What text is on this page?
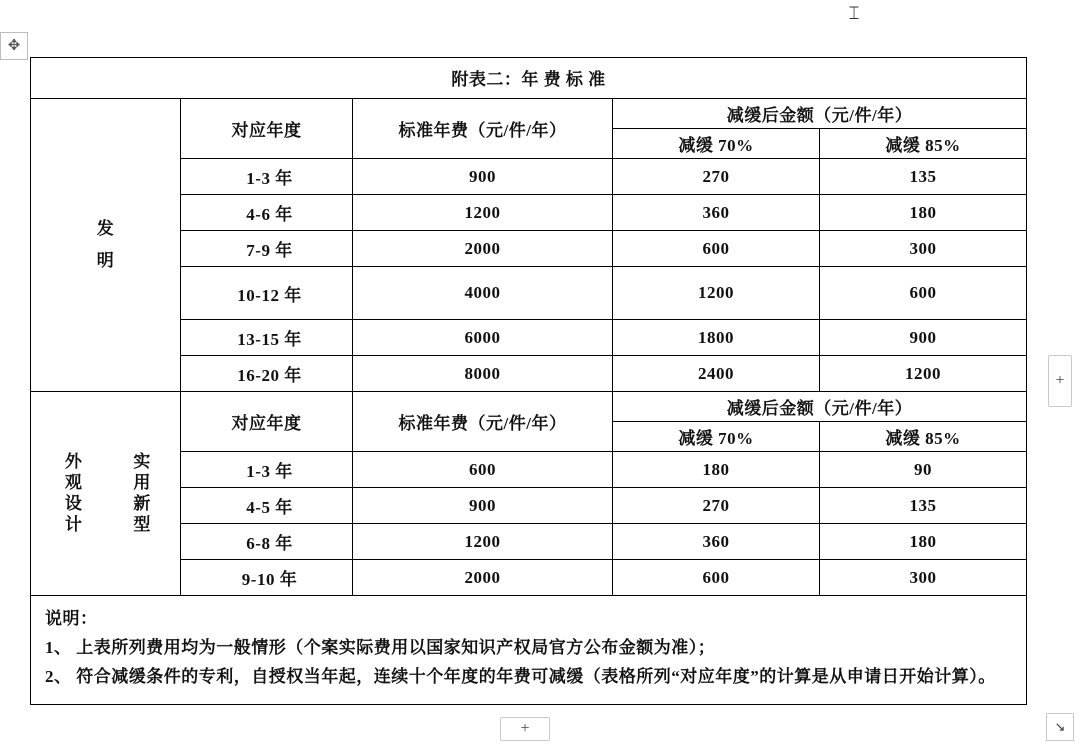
✥
⌶
+
+	↘
附表二：年 费 标 准				
发
明	对应年度	标准年费（元/件/年）	减缓后金额（元/件/年）	
			减缓 70%	减缓 85%
	1-3 年	900	270	135
	4-6 年	1200	360	180
	7-9 年	2000	600	300
	10-12 年	4000	1200	600
	13-15 年	6000	1800	900
	16-20 年	8000	2400	1200

外观设计 实用新型	对应年度	标准年费（元/件/年）	减缓后金额（元/件/年）	
			减缓 70%	减缓 85%
	1-3 年	600	180	90
	4-5 年	900	270	135
	6-8 年	1200	360	180
	9-10 年	2000	600	300

说明：
1、 上表所列费用均为一般情形（个案实际费用以国家知识产权局官方公布金额为准）；
2、 符合减缓条件的专利，自授权当年起，连续十个年度的年费可减缓（表格所列“对应年度”的计算是从申请日开始计算）。				
